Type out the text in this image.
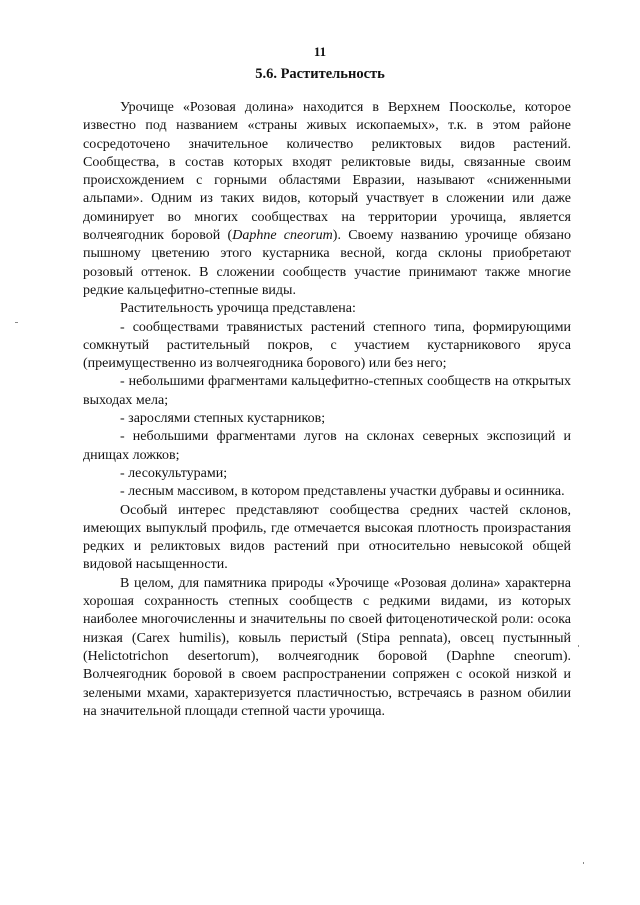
11
5.6. Растительность

Урочище «Розовая долина» находится в Верхнем Поосколье, которое известно под названием «страны живых ископаемых», т.к. в этом районе сосредоточено значительное количество реликтовых видов растений. Сообщества, в состав которых входят реликтовые виды, связанные своим происхождением с горными областями Евразии, называют «сниженными альпами». Одним из таких видов, который участвует в сложении или даже доминирует во многих сообществах на территории урочища, является волчеягодник боровой (Daphne cneorum). Своему названию урочище обязано пышному цветению этого кустарника весной, когда склоны приобретают розовый оттенок. В сложении сообществ участие принимают также многие редкие кальцефитно-степные виды.

Растительность урочища представлена:

- сообществами травянистых растений степного типа, формирующими сомкнутый растительный покров, с участием кустарникового яруса (преимущественно из волчеягодника борового) или без него;

- небольшими фрагментами кальцефитно-степных сообществ на открытых выходах мела;

- зарослями степных кустарников;

- небольшими фрагментами лугов на склонах северных экспозиций и днищах ложков;

- лесокультурами;

- лесным массивом, в котором представлены участки дубравы и осинника.

Особый интерес представляют сообщества средних частей склонов, имеющих выпуклый профиль, где отмечается высокая плотность произрастания редких и реликтовых видов растений при относительно невысокой общей видовой насыщенности.

В целом, для памятника природы «Урочище «Розовая долина» характерна хорошая сохранность степных сообществ с редкими видами, из которых наиболее многочисленны и значительны по своей фитоценотической роли: осока низкая (Carex humilis), ковыль перистый (Stipa pennata), овсец пустынный (Helictotrichon desertorum), волчеягодник боровой (Daphne cneorum). Волчеягодник боровой в своем распространении сопряжен с осокой низкой и зелеными мхами, характеризуется пластичностью, встречаясь в разном обилии на значительной площади степной части урочища.
